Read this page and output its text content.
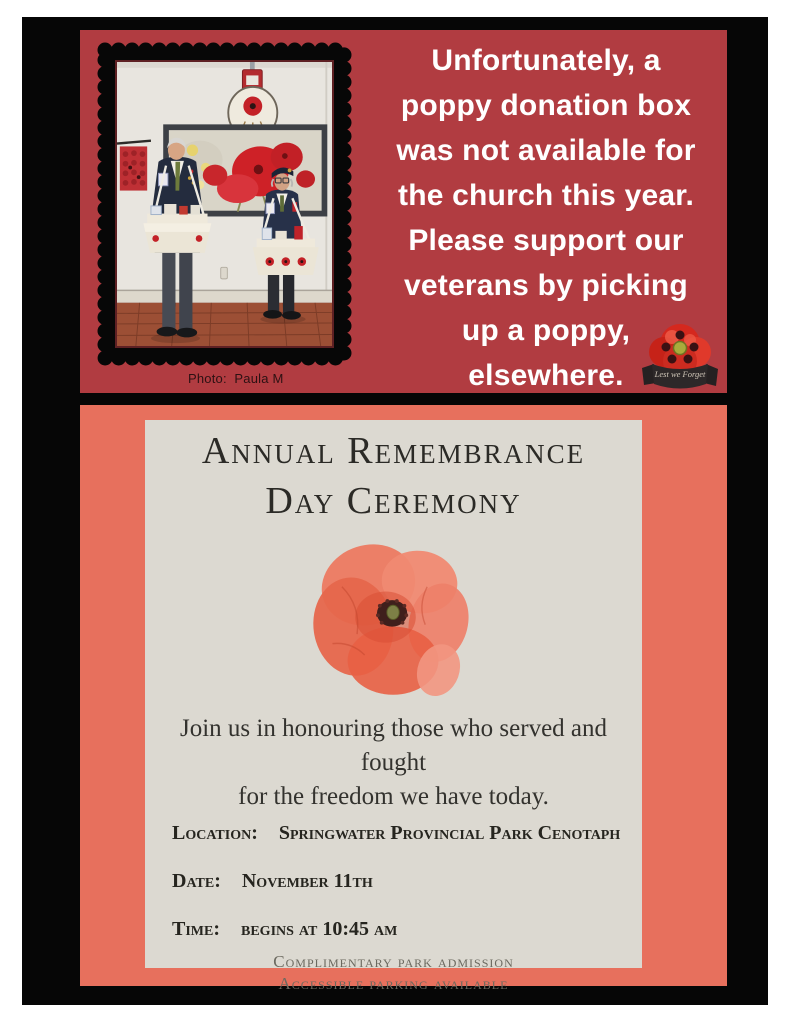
Photo:  Paula M
Unfortunately, a
poppy donation box
was not available for
the church this year.
Please support our
veterans by picking
up a poppy,
elsewhere.	Lest we Forget
Annual Remembrance
Day Ceremony
Join us in honouring those who served and fought
for the freedom we have today.
Location: Springwater Provincial Park Cenotaph
Date: November 11th
Time: begins at 10:45 am
Complimentary park admission
Accessible parking available
